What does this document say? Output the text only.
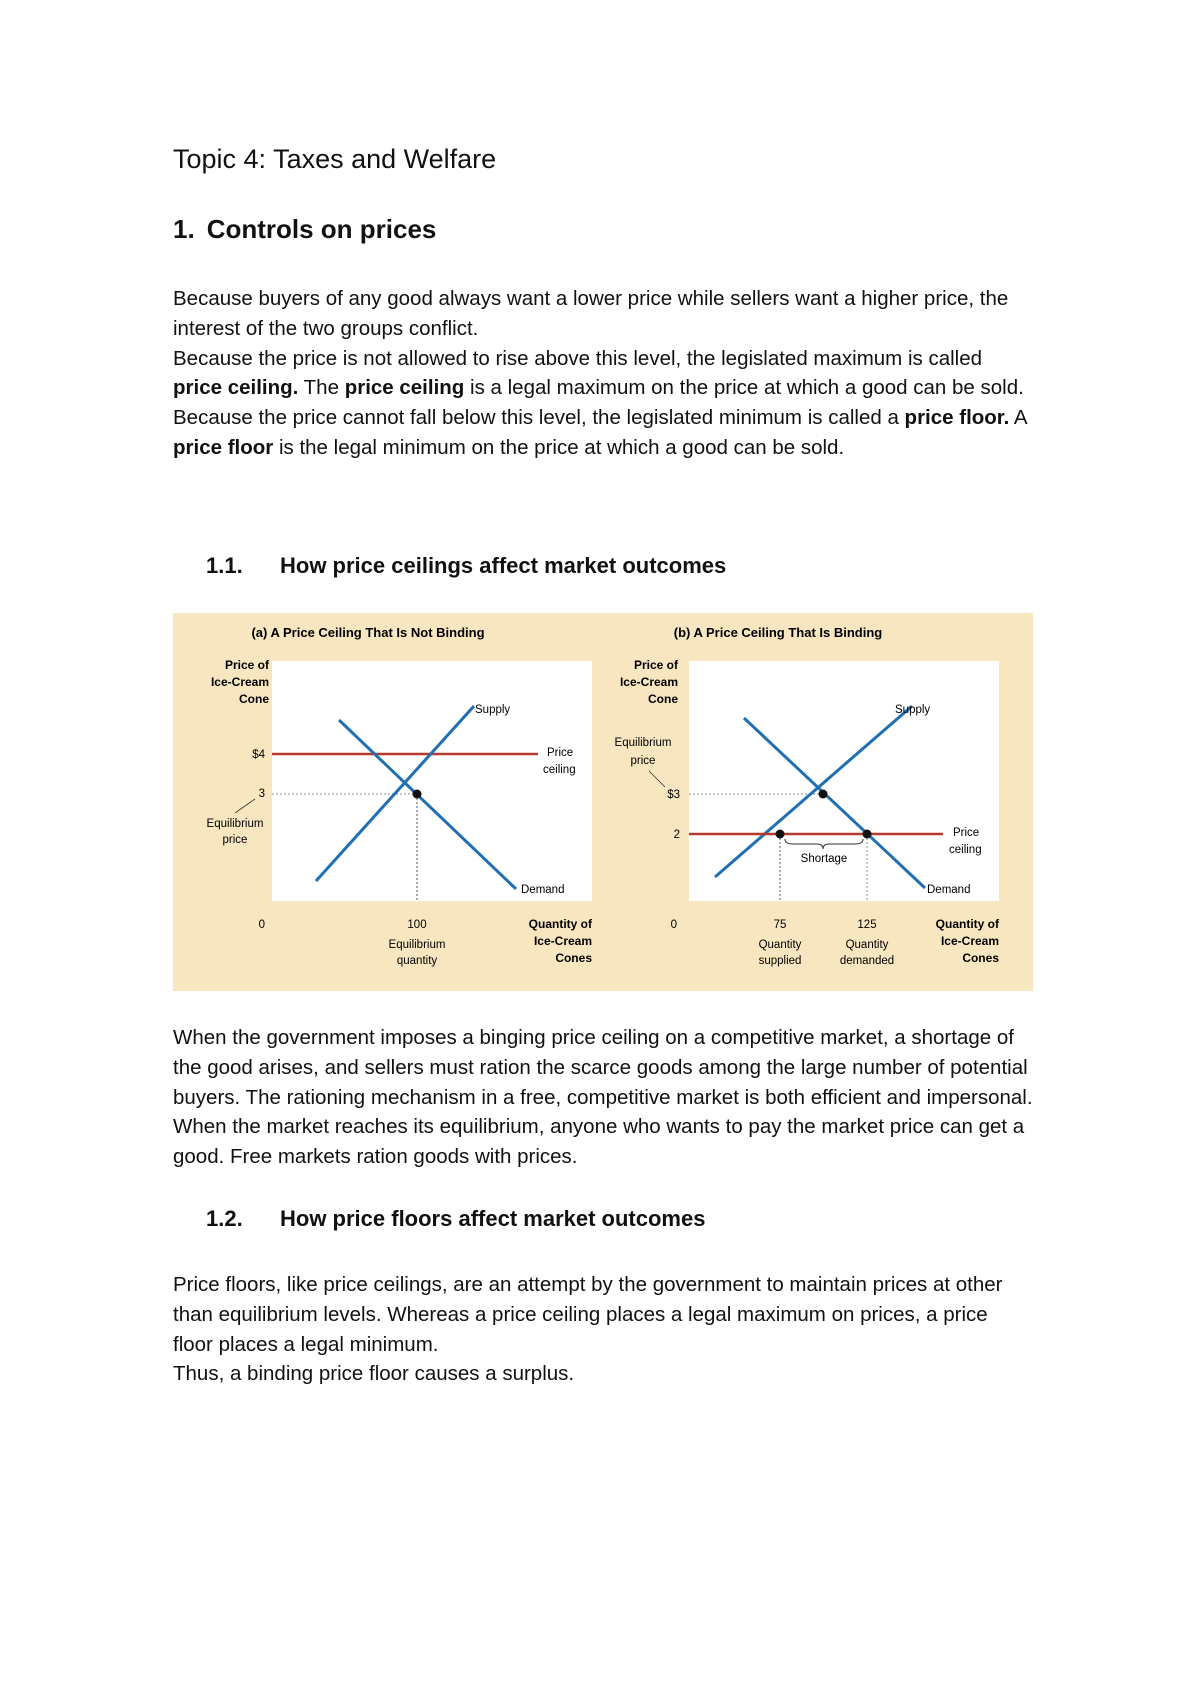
Topic 4: Taxes and Welfare
1. Controls on prices

Because buyers of any good always want a lower price while sellers want a higher price, the interest of the two groups conflict.
Because the price is not allowed to rise above this level, the legislated maximum is called price ceiling. The price ceiling is a legal maximum on the price at which a good can be sold.
Because the price cannot fall below this level, the legislated minimum is called a price floor. A price floor is the legal minimum on the price at which a good can be sold.

1.1. How price ceilings affect market outcomes
(a) A Price Ceiling That Is Not Binding
Price of
Ice-Cream
Cone
Supply
Demand
Price
ceiling
$4
3
Equilibrium
price
0	100
Equilibrium
quantity
Quantity of
Ice-Cream
Cones
(b) A Price Ceiling That Is Binding
Price of
Ice-Cream
Cone
Equilibrium
price
$3
2
Shortage
Supply
Demand
Price
ceiling
0	75
Quantity
supplied
125
Quantity
demanded
Quantity of
Ice-Cream
Cones

When the government imposes a binging price ceiling on a competitive market, a shortage of the good arises, and sellers must ration the scarce goods among the large number of potential buyers. The rationing mechanism in a free, competitive market is both efficient and impersonal. When the market reaches its equilibrium, anyone who wants to pay the market price can get a good. Free markets ration goods with prices.

1.2. How price floors affect market outcomes

Price floors, like price ceilings, are an attempt by the government to maintain prices at other than equilibrium levels. Whereas a price ceiling places a legal maximum on prices, a price floor places a legal minimum.
Thus, a binding price floor causes a surplus.
